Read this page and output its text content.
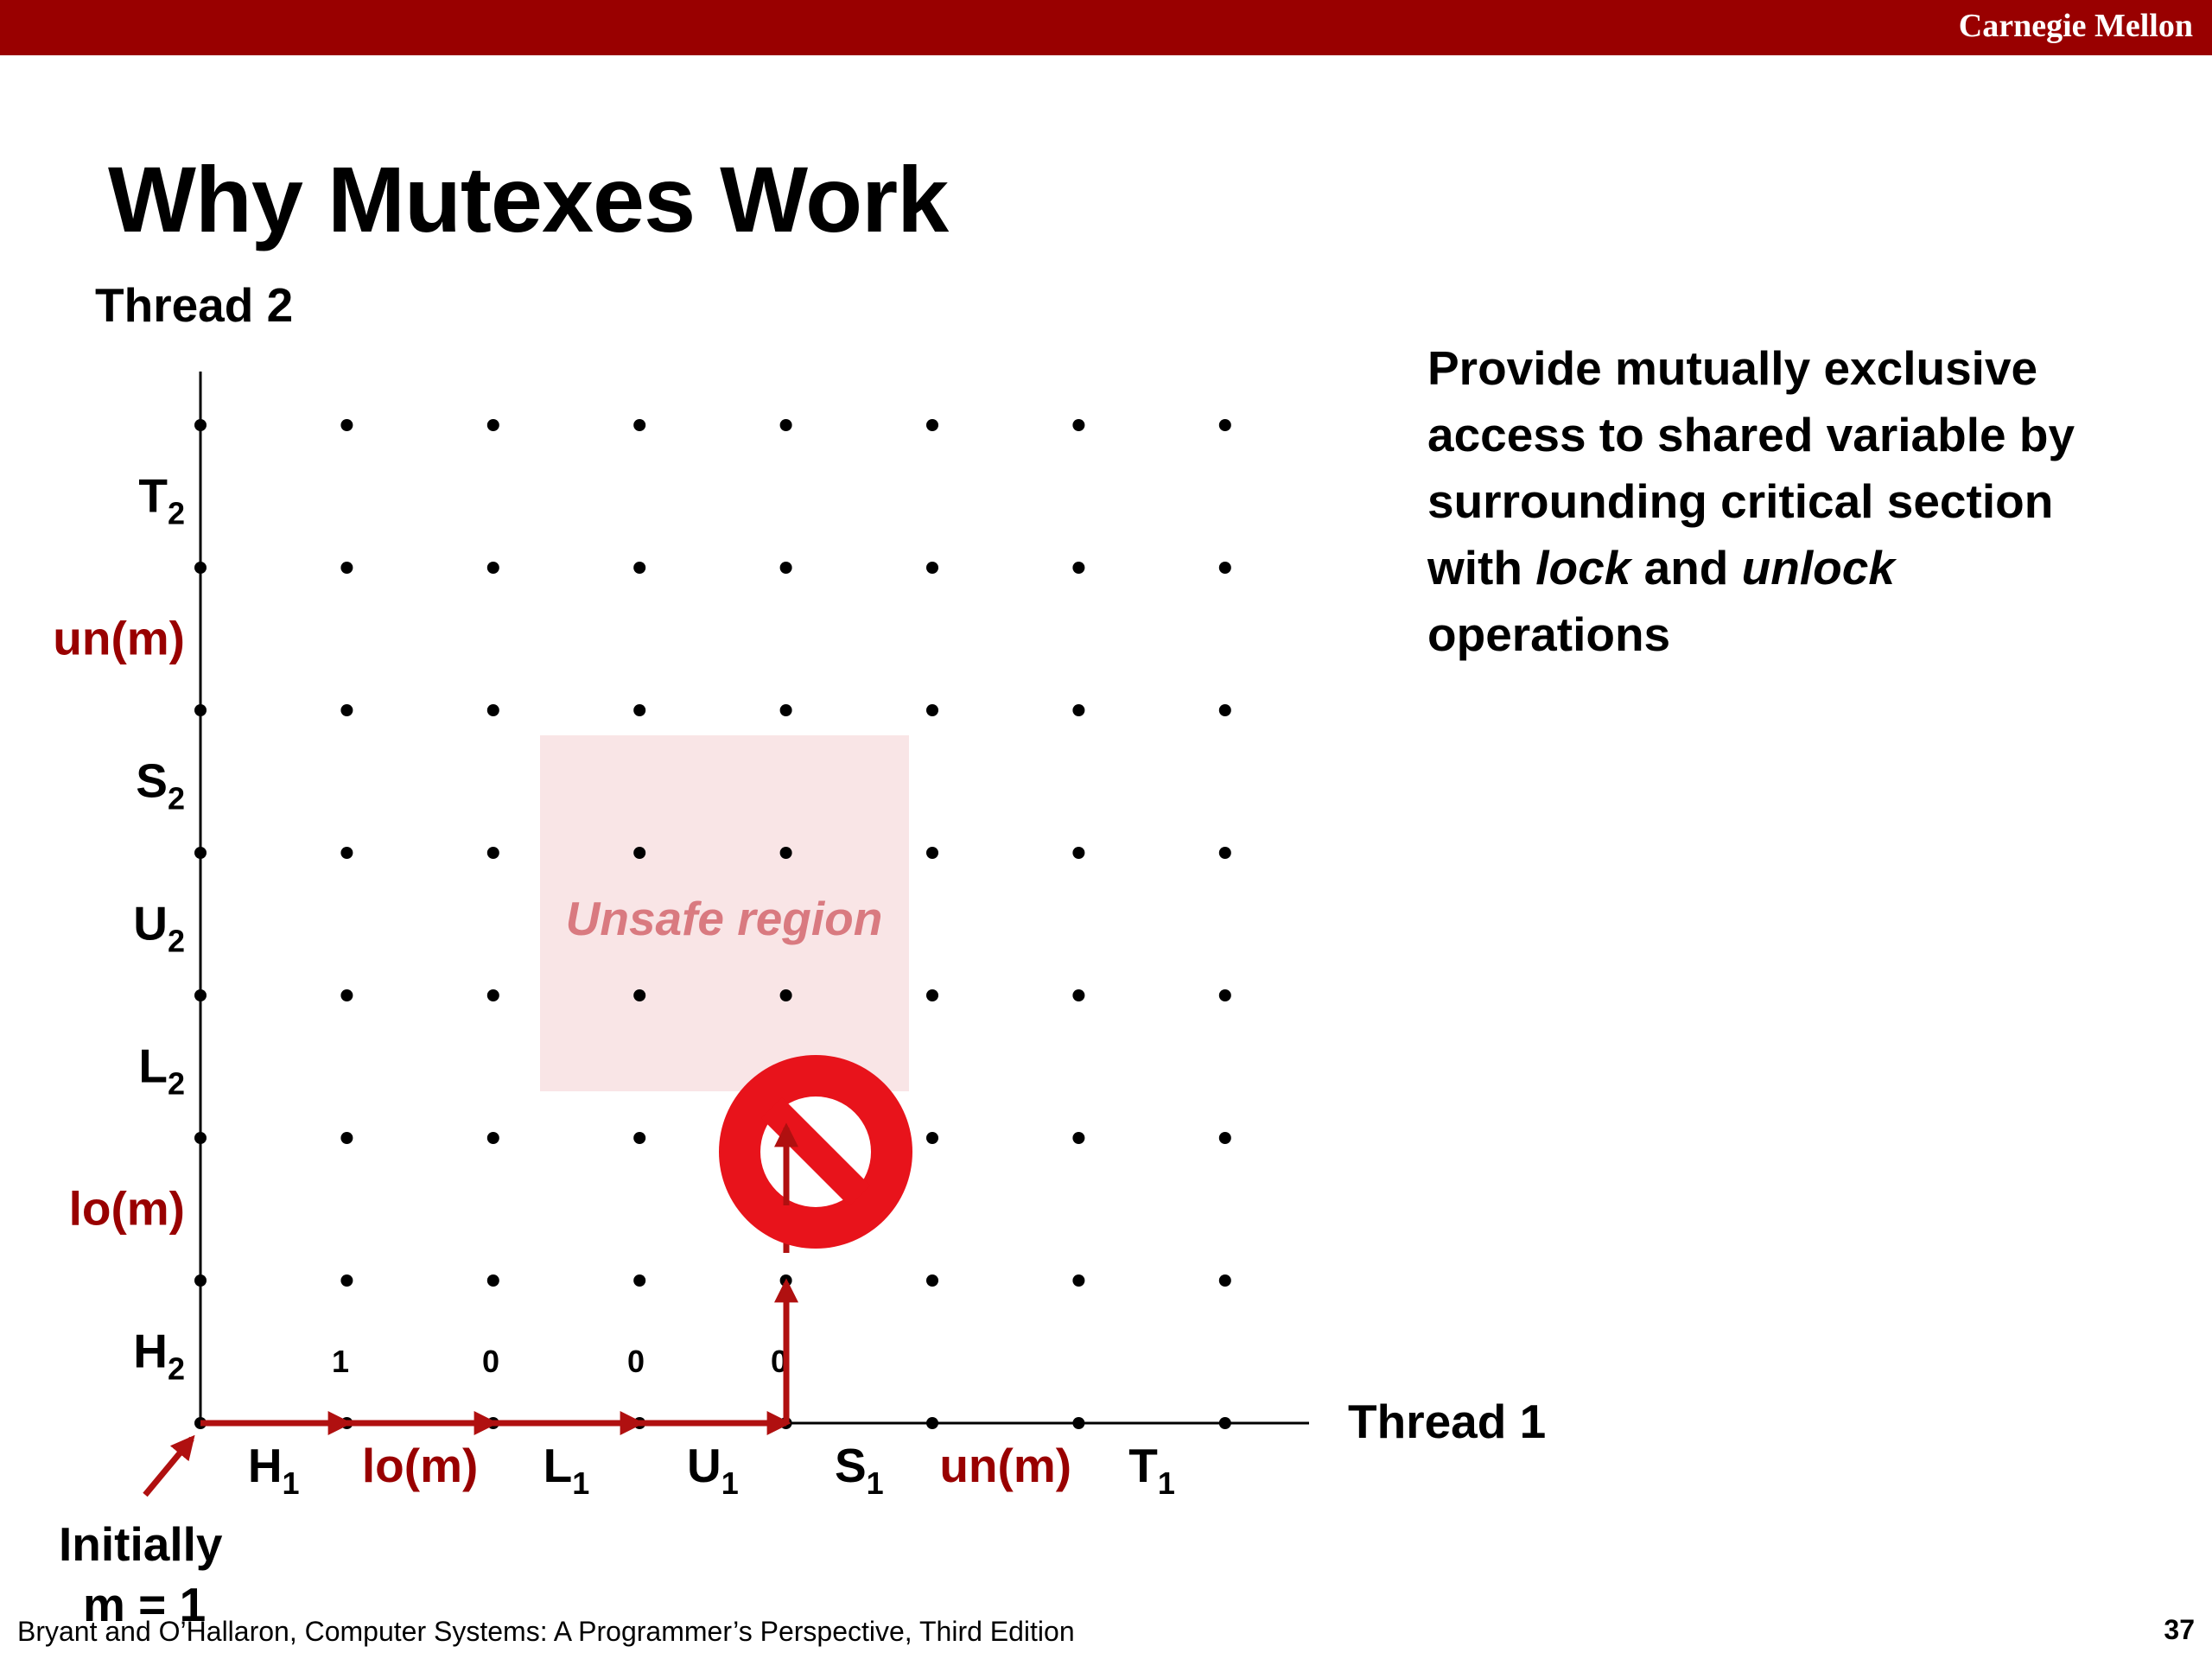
Carnegie Mellon
Why Mutexes Work
Provide mutually exclusive
access to shared variable by
surrounding critical section
with lock and unlock
operations
Unsafe region
Thread 2
Thread 1
$H_1$ lo(m) $L_1$ $U_1$ $S_1$ un(m) $T_1$
$H_2$
lo(m)
$L_2$
$U_2$
$S_2$
un(m)
$T_2$
1	0	0	0
Initially
m = 1
Bryant and O’Hallaron, Computer Systems: A Programmer’s Perspective, Third Edition	37
